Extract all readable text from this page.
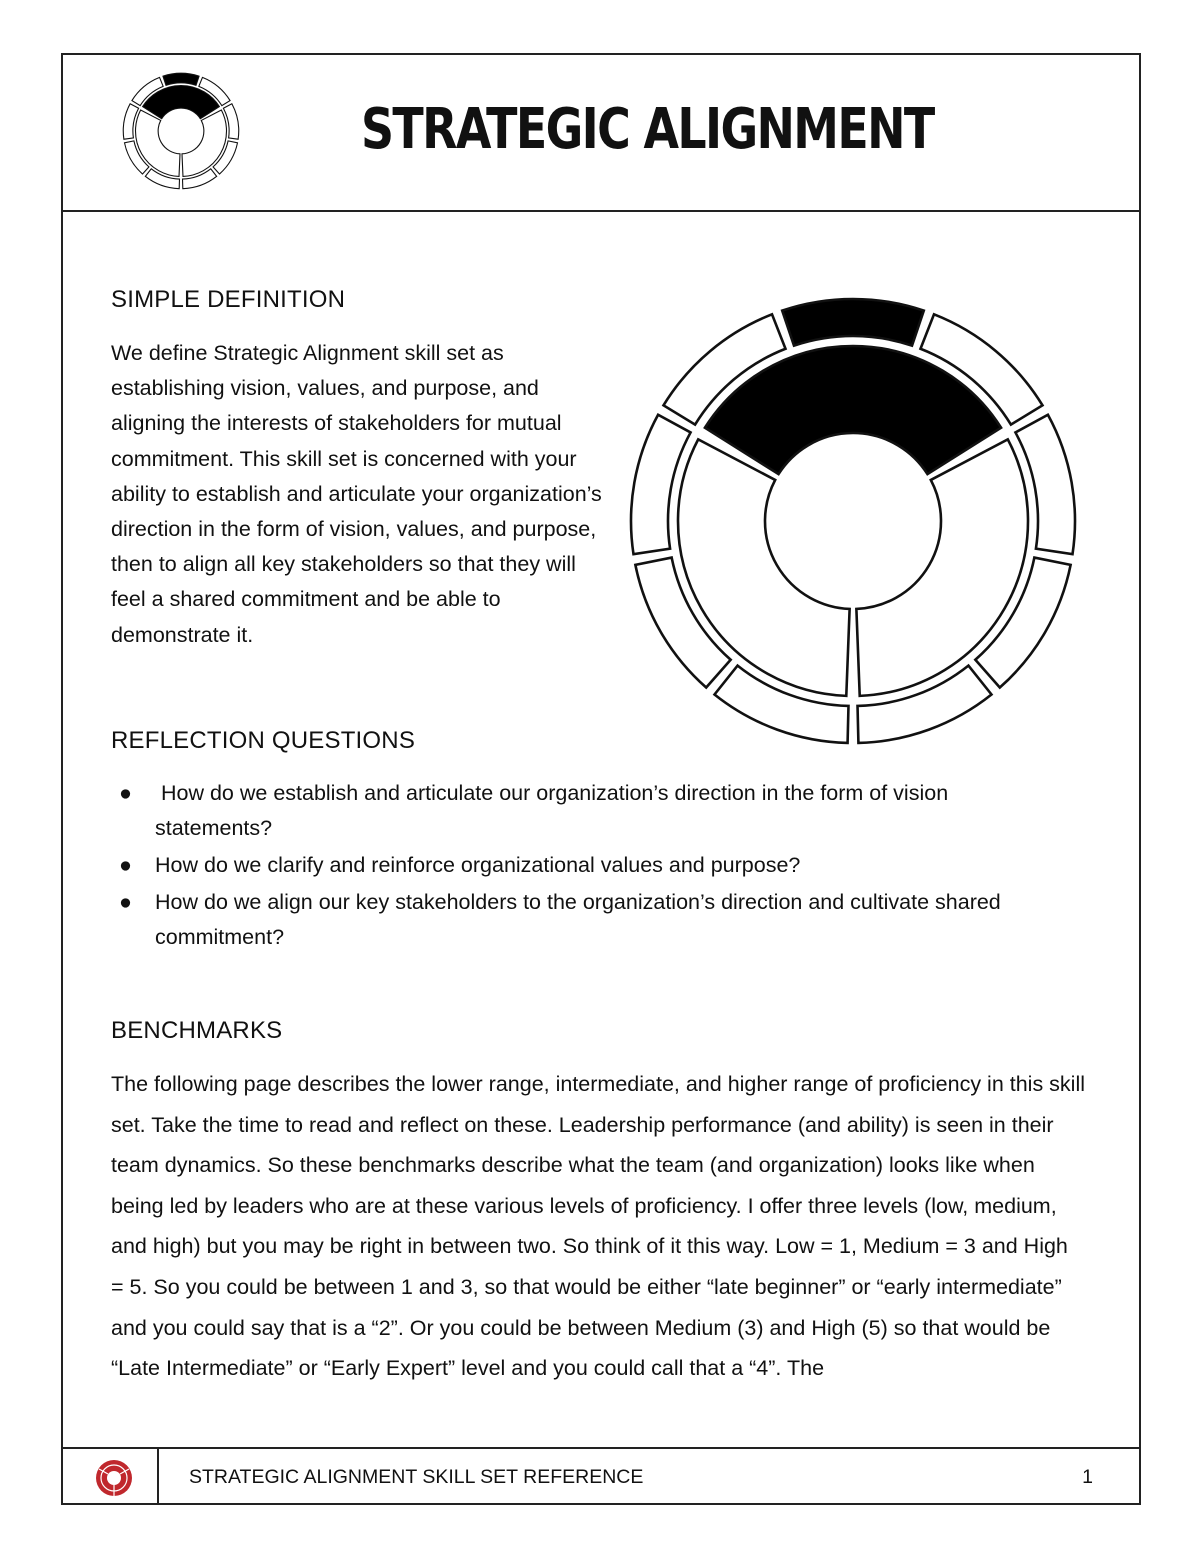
STRATEGIC ALIGNMENT
SIMPLE DEFINITION

We define Strategic Alignment skill set as establishing vision, values, and purpose, and aligning the interests of stakeholders for mutual commitment. This skill set is concerned with your ability to establish and articulate your organization’s direction in the form of vision, values, and purpose, then to align all key stakeholders so that they will feel a shared commitment and be able to demonstrate it.

REFLECTION QUESTIONS
● How do we establish and articulate our organization’s direction in the form of vision statements?
● How do we clarify and reinforce organizational values and purpose?
● How do we align our key stakeholders to the organization’s direction and cultivate shared commitment?
BENCHMARKS

The following page describes the lower range, intermediate, and higher range of proficiency in this skill set. Take the time to read and reflect on these. Leadership performance (and ability) is seen in their team dynamics. So these benchmarks describe what the team (and organization) looks like when being led by leaders who are at these various levels of proficiency. I offer three levels (low, medium, and high) but you may be right in between two. So think of it this way. Low = 1, Medium = 3 and High = 5. So you could be between 1 and 3, so that would be either “late beginner” or “early intermediate” and you could say that is a “2”. Or you could be between Medium (3) and High (5) so that would be “Late Intermediate” or “Early Expert” level and you could call that a “4”. The

STRATEGIC ALIGNMENT SKILL SET REFERENCE	1
